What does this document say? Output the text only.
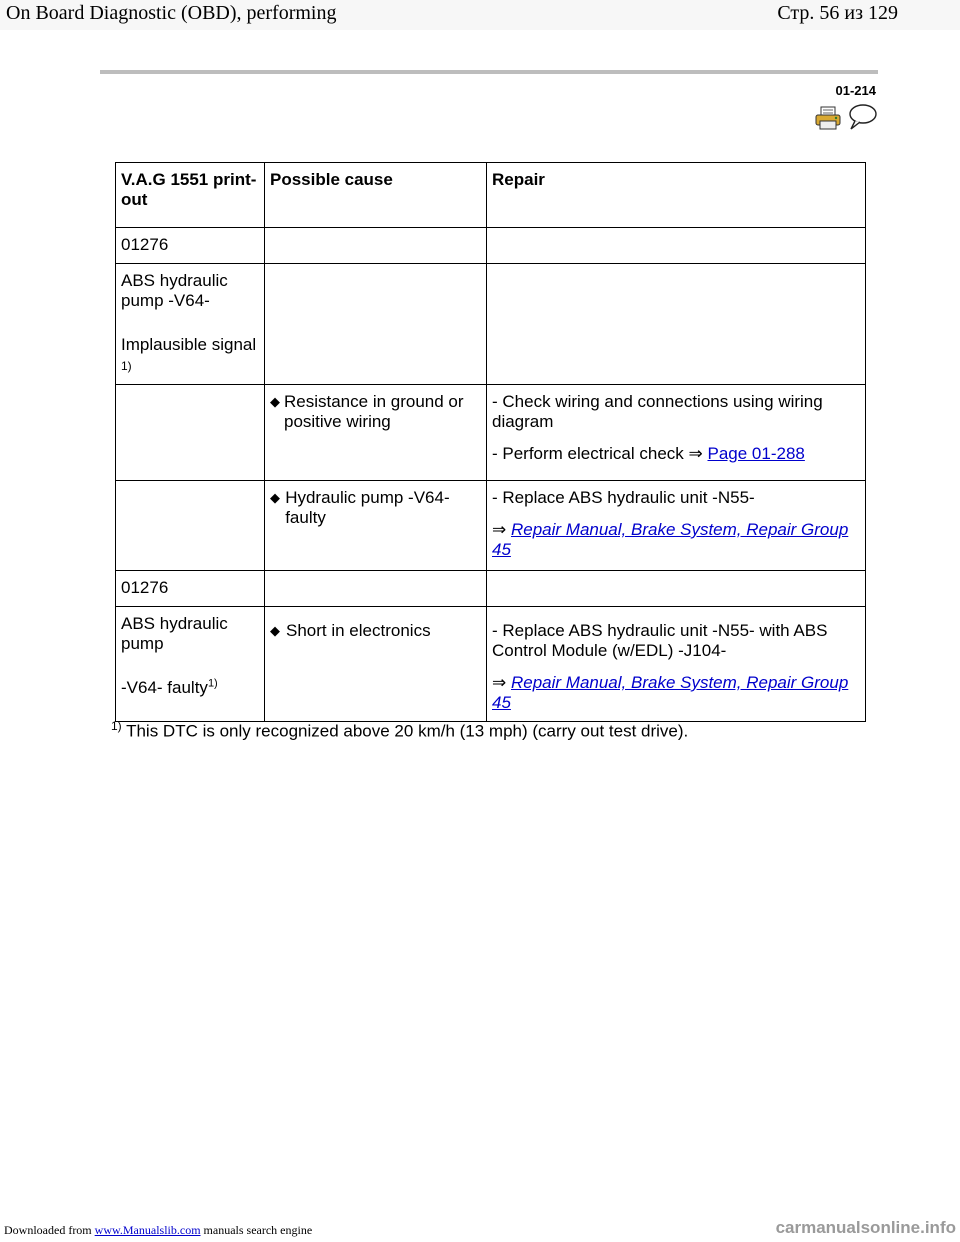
On Board Diagnostic (OBD), performing	Стр. 56 из 129
01-214
V.A.G 1551 print-out	Possible cause	Repair
01276		

ABS hydraulic pump -V64-
Implausible signal
1)		

	◆ Resistance in ground or positive wiring	- Check wiring and connections using wiring diagram
- Perform electrical check ⇒ Page 01-288

	◆ Hydraulic pump -V64- faulty	- Replace ABS hydraulic unit -N55-
⇒ Repair Manual, Brake System, Repair Group 45
01276		

ABS hydraulic pump
-V64- faulty$^{1)}$	◆ Short in electronics	- Replace ABS hydraulic unit -N55- with ABS Control Module (w/EDL) -J104-
⇒ Repair Manual, Brake System, Repair Group 45
$^{1)}$ This DTC is only recognized above 20 km/h (13 mph) (carry out test drive).
Downloaded from www.Manualslib.com manuals search engine	carmanualsonline.info
